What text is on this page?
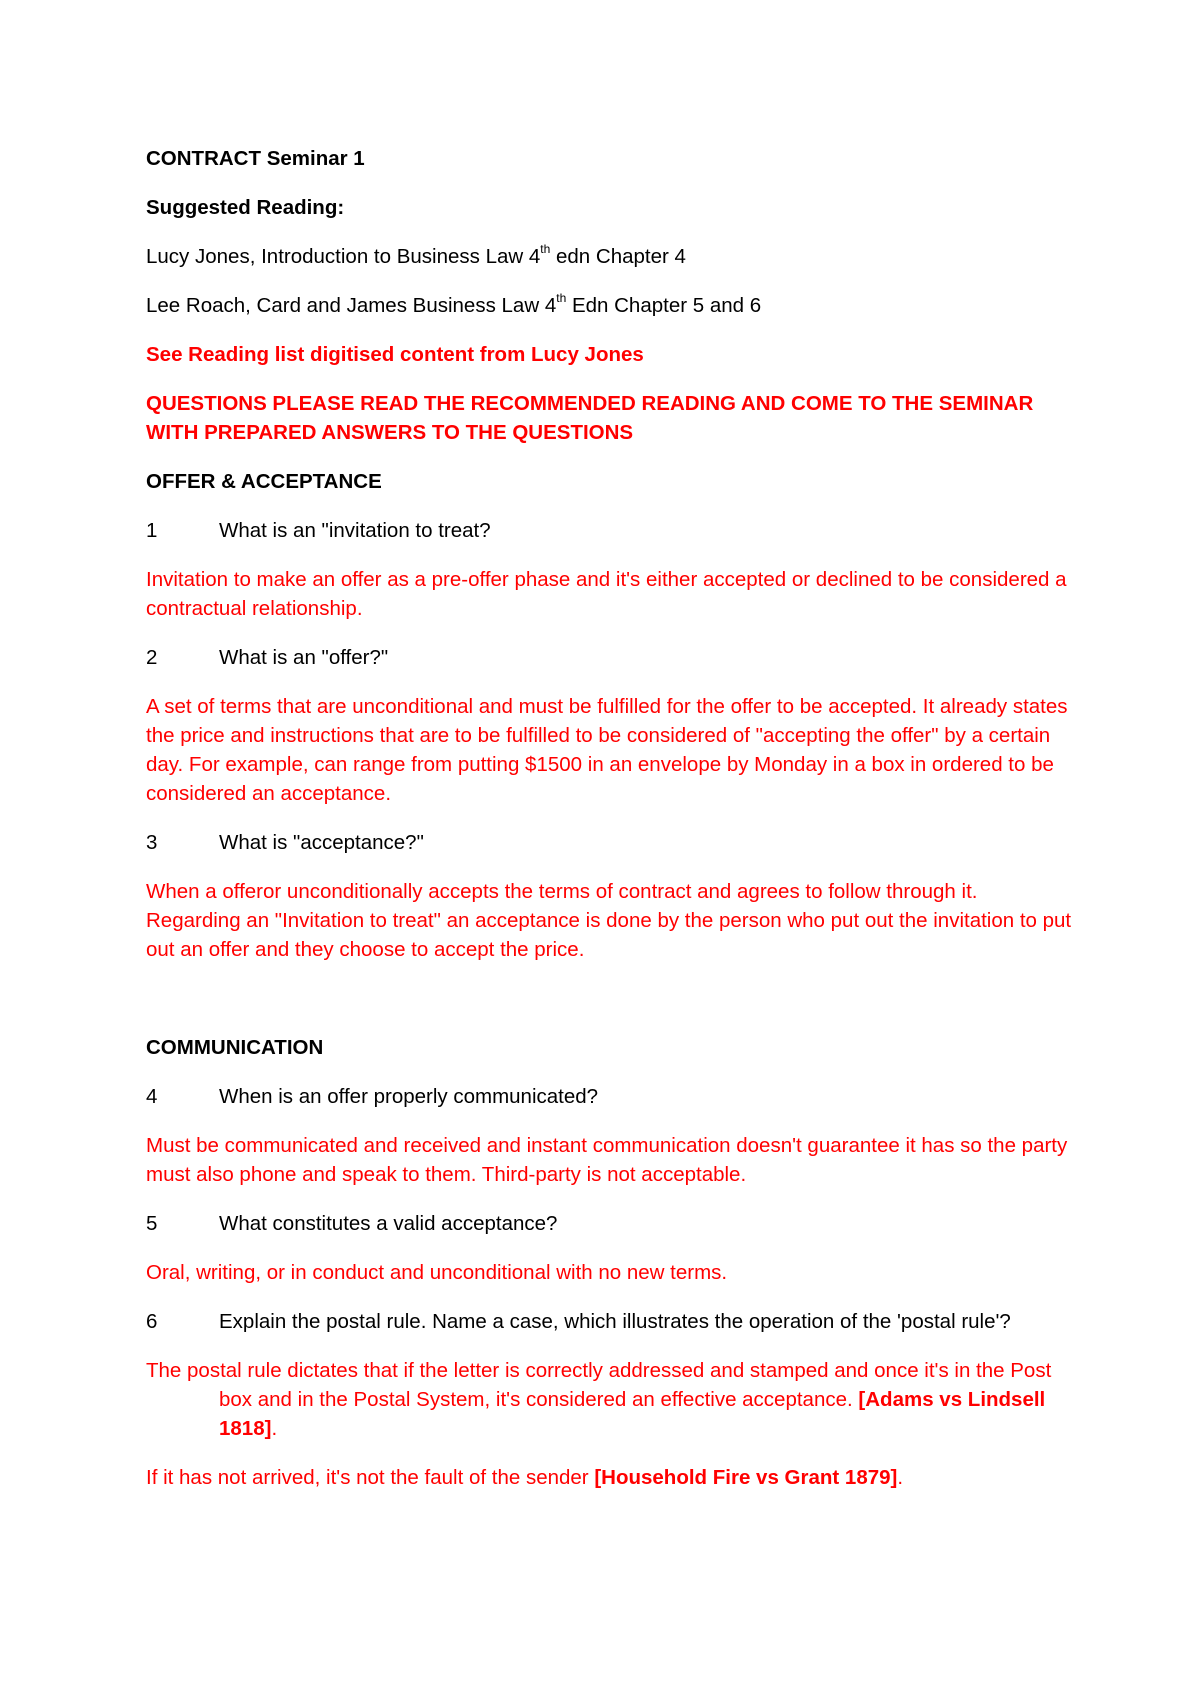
CONTRACT Seminar 1

Suggested Reading:

Lucy Jones, Introduction to Business Law 4th edn Chapter 4

Lee Roach, Card and James Business Law 4th Edn Chapter 5 and 6

See Reading list digitised content from Lucy Jones

QUESTIONS PLEASE READ THE RECOMMENDED READING AND COME TO THE SEMINAR WITH PREPARED ANSWERS TO THE QUESTIONS

OFFER & ACCEPTANCE

1	What is an "invitation to treat?

Invitation to make an offer as a pre-offer phase and it's either accepted or declined to be considered a contractual relationship.

2	What is an "offer?"

A set of terms that are unconditional and must be fulfilled for the offer to be accepted. It already states the price and instructions that are to be fulfilled to be considered of "accepting the offer" by a certain day. For example, can range from putting $1500 in an envelope by Monday in a box in ordered to be considered an acceptance.

3	What is "acceptance?"

When a offeror unconditionally accepts the terms of contract and agrees to follow through it. Regarding an "Invitation to treat" an acceptance is done by the person who put out the invitation to put out an offer and they choose to accept the price.

COMMUNICATION

4	When is an offer properly communicated?

Must be communicated and received and instant communication doesn't guarantee it has so the party must also phone and speak to them. Third-party is not acceptable.

5	What constitutes a valid acceptance?

Oral, writing, or in conduct and unconditional with no new terms.

6	Explain the postal rule. Name a case, which illustrates the operation of the 'postal rule'?

The postal rule dictates that if the letter is correctly addressed and stamped and once it's in the Post box and in the Postal System, it's considered an effective acceptance. [Adams vs Lindsell 1818].

If it has not arrived, it's not the fault of the sender [Household Fire vs Grant 1879].
